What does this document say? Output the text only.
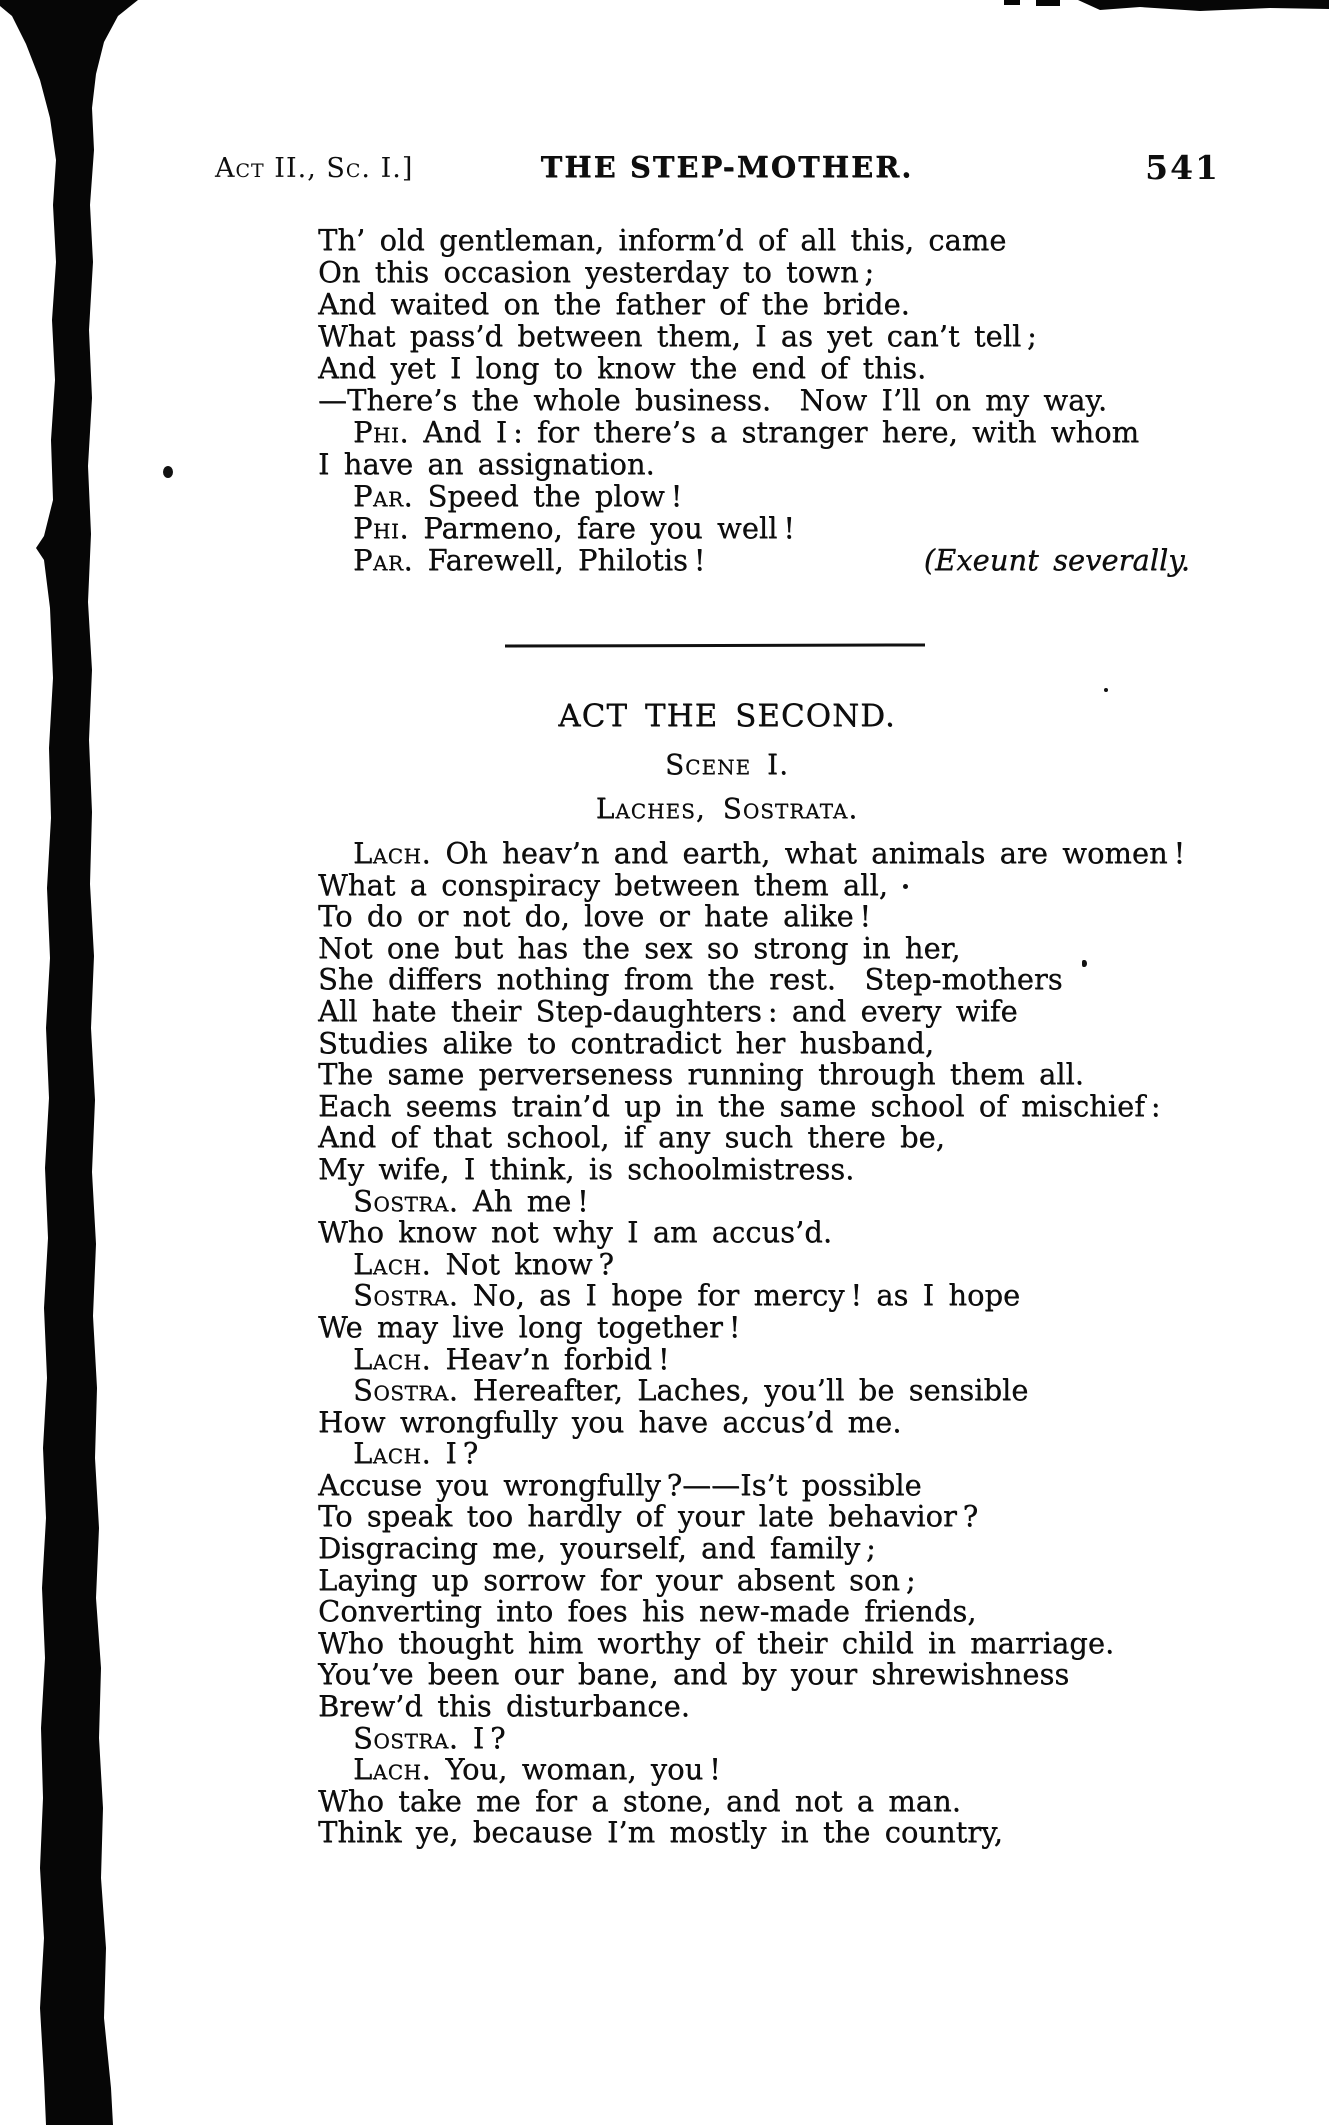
Act II., Sc. I.]	THE STEP-MOTHER.	541
Th’ old gentleman, inform’d of all this, came
On this occasion yesterday to town ;
And waited on the father of the bride.
What pass’d between them, I as yet can’t tell ;
And yet I long to know the end of this.
—There’s the whole business.  Now I’ll on my way.
Phi. And I : for there’s a stranger here, with whom
I have an assignation.
Par. Speed the plow !
Phi. Parmeno, fare you well !
Par. Farewell, Philotis !	(Exeunt severally.
ACT THE SECOND.
Scene I.
Laches, Sostrata.
Lach. Oh heav’n and earth, what animals are women !
What a conspiracy between them all,
To do or not do, love or hate alike !
Not one but has the sex so strong in her,
She differs nothing from the rest.  Step-mothers
All hate their Step-daughters : and every wife
Studies alike to contradict her husband,
The same perverseness running through them all.
Each seems train’d up in the same school of mischief :
And of that school, if any such there be,
My wife, I think, is schoolmistress.
Sostra. Ah me !
Who know not why I am accus’d.
Lach. Not know ?
Sostra. No, as I hope for mercy ! as I hope
We may live long together !
Lach. Heav’n forbid !
Sostra. Hereafter, Laches, you’ll be sensible
How wrongfully you have accus’d me.
Lach. I ?
Accuse you wrongfully ?——Is’t possible
To speak too hardly of your late behavior ?
Disgracing me, yourself, and family ;
Laying up sorrow for your absent son ;
Converting into foes his new-made friends,
Who thought him worthy of their child in marriage.
You’ve been our bane, and by your shrewishness
Brew’d this disturbance.
Sostra. I ?
Lach. You, woman, you !
Who take me for a stone, and not a man.
Think ye, because I’m mostly in the country,
